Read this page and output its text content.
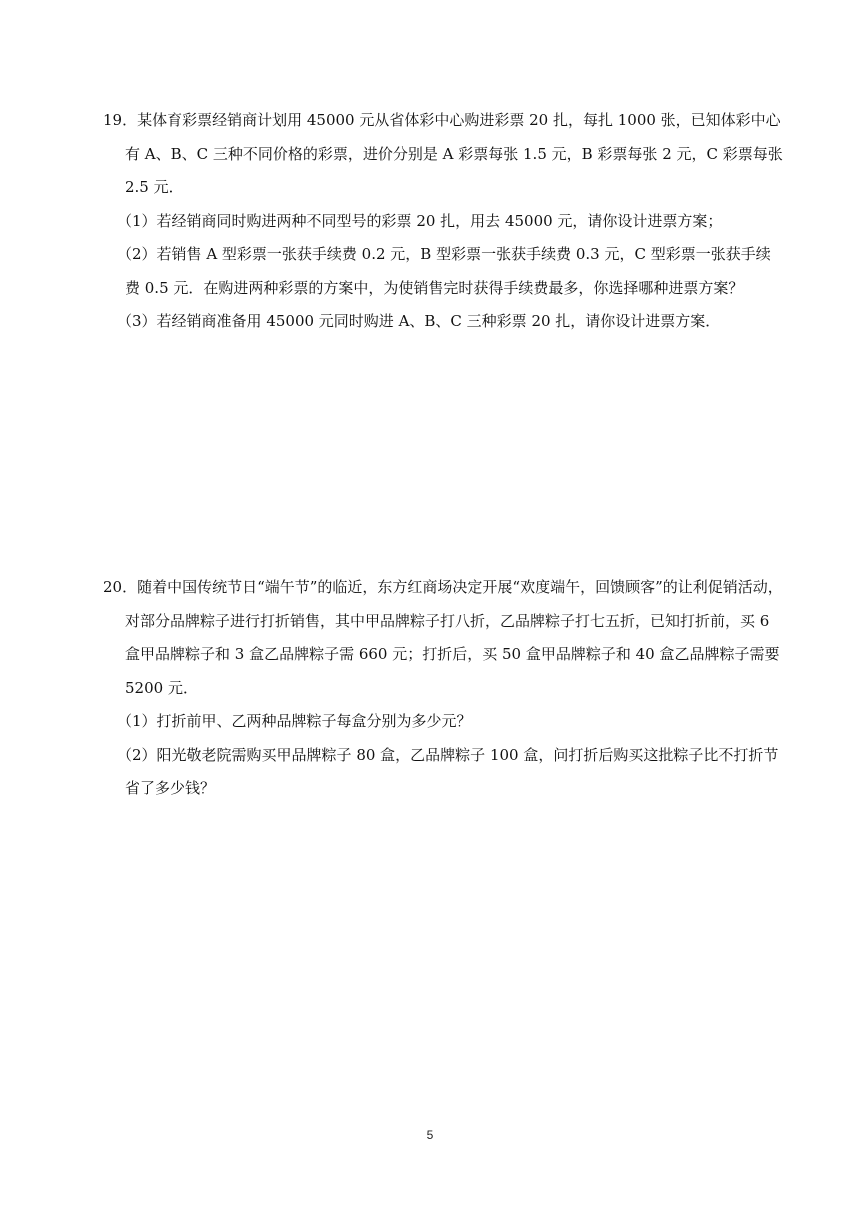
19．某体育彩票经销商计划用 45000 元从省体彩中心购进彩票 20 扎，每扎 1000 张，已知体彩中心有 A、B、C 三种不同价格的彩票，进价分别是 A 彩票每张 1.5 元，B 彩票每张 2 元，C 彩票每张 2.5 元．

（1）若经销商同时购进两种不同型号的彩票 20 扎，用去 45000 元，请你设计进票方案；

（2）若销售 A 型彩票一张获手续费 0.2 元，B 型彩票一张获手续费 0.3 元，C 型彩票一张获手续费 0.5 元．在购进两种彩票的方案中，为使销售完时获得手续费最多，你选择哪种进票方案？

（3）若经销商准备用 45000 元同时购进 A、B、C 三种彩票 20 扎，请你设计进票方案．

20．随着中国传统节日“端午节”的临近，东方红商场决定开展“欢度端午，回馈顾客”的让利促销活动，对部分品牌粽子进行打折销售，其中甲品牌粽子打八折，乙品牌粽子打七五折，已知打折前，买 6 盒甲品牌粽子和 3 盒乙品牌粽子需 660 元；打折后，买 50 盒甲品牌粽子和 40 盒乙品牌粽子需要 5200 元．

（1）打折前甲、乙两种品牌粽子每盒分别为多少元？

（2）阳光敬老院需购买甲品牌粽子 80 盒，乙品牌粽子 100 盒，问打折后购买这批粽子比不打折节省了多少钱？

5
